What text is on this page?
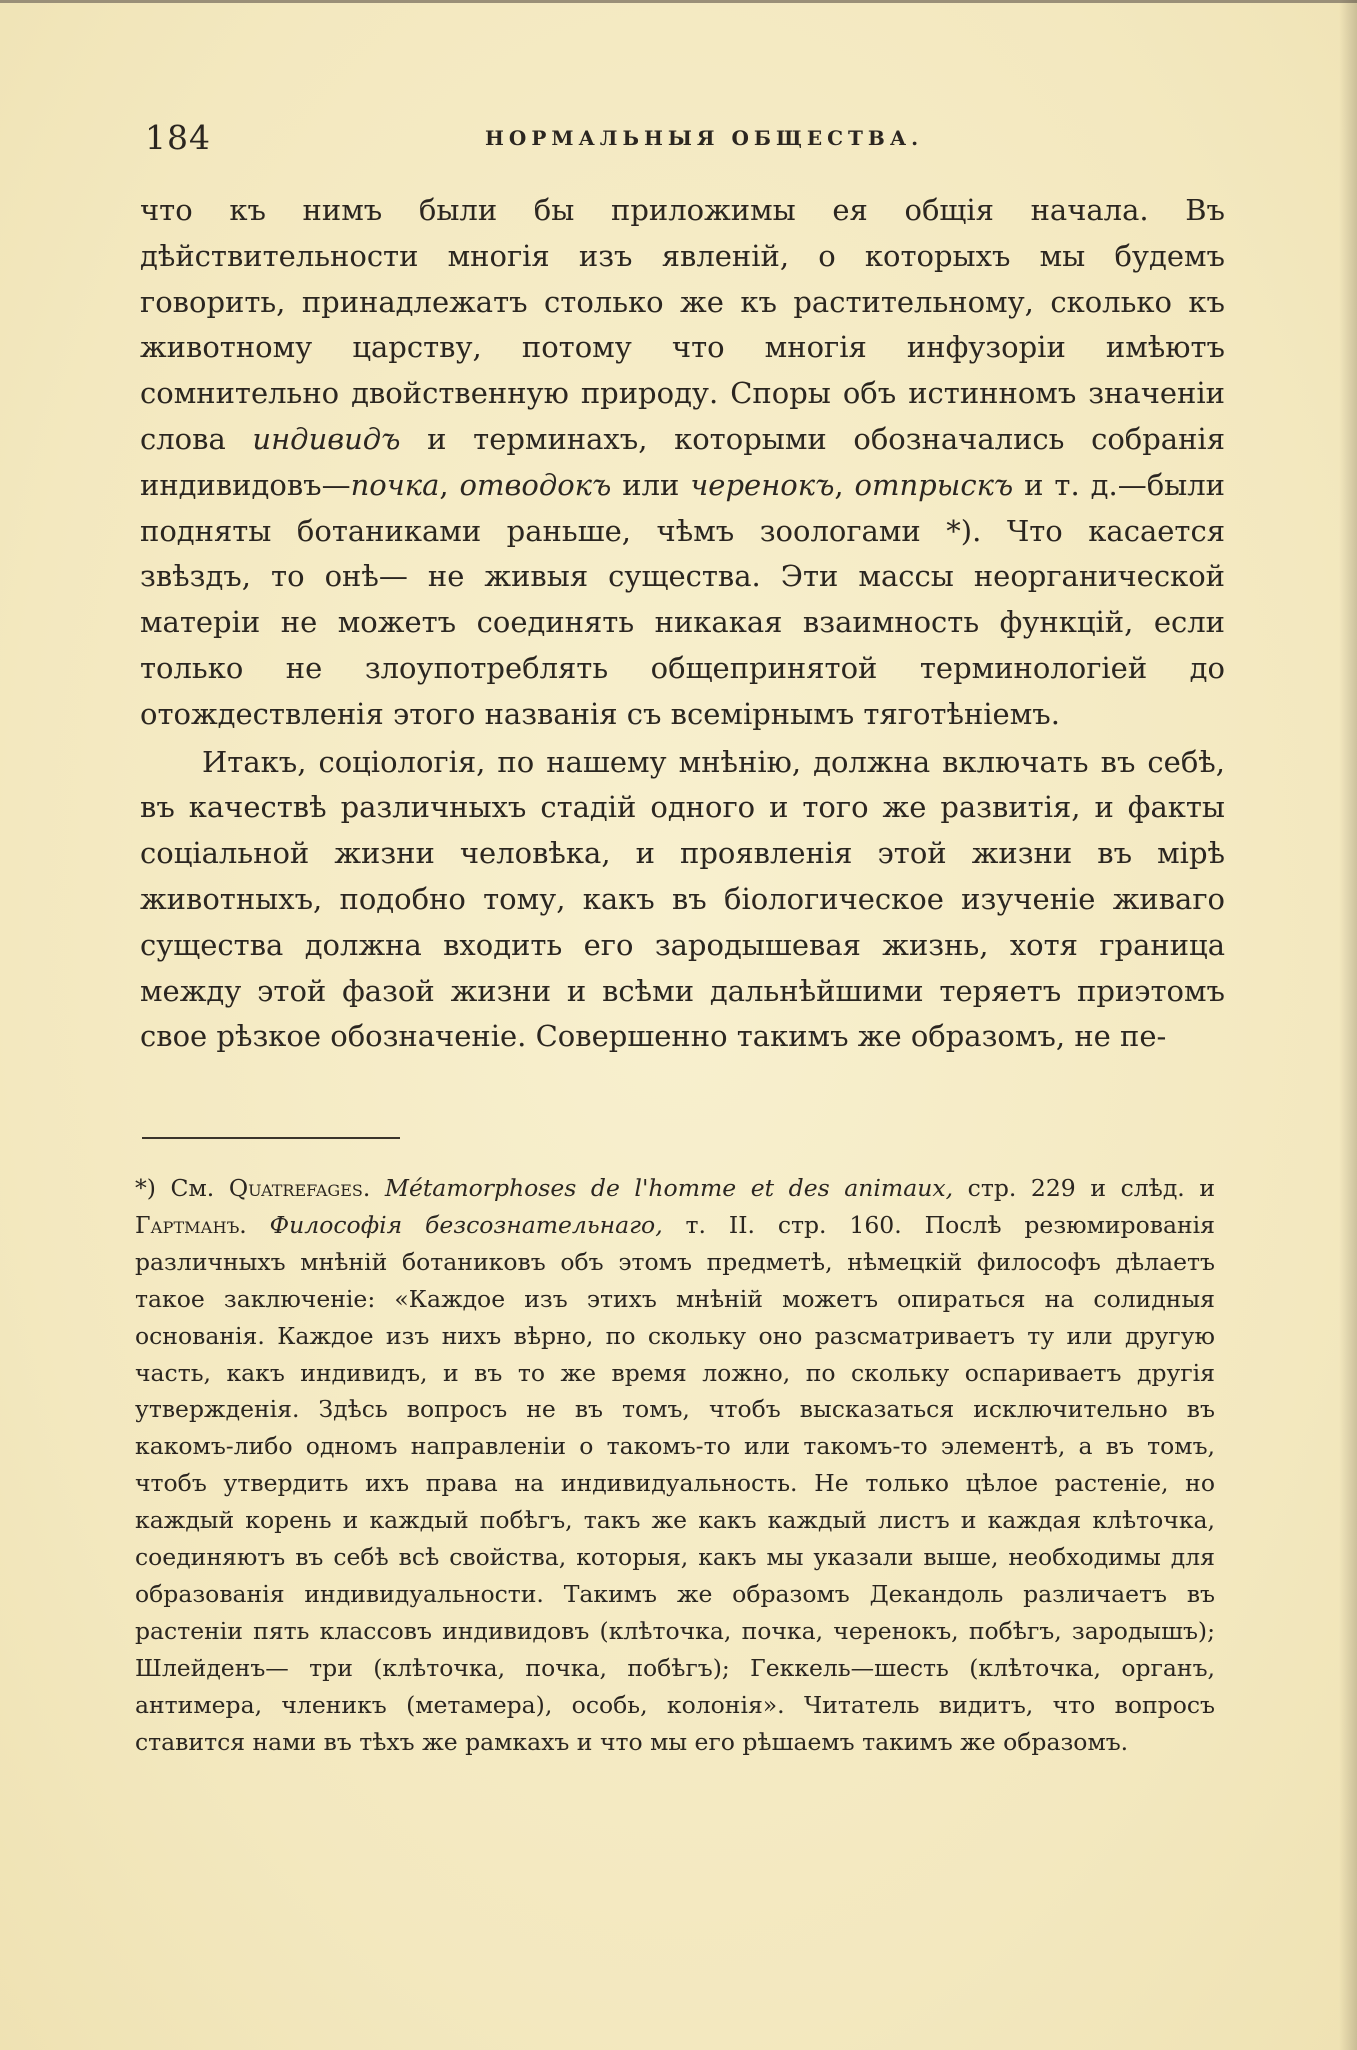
184	НОРМАЛЬНЫЯ ОБЩЕСТВА.

что къ нимъ были бы приложимы ея общія начала. Въ дѣйствительности многія изъ явленій, о которыхъ мы будемъ говорить, принадлежатъ столько же къ растительному, сколько къ животному царству, потому что многія инфузоріи имѣютъ сомнительно двойственную природу. Споры объ истинномъ значеніи слова индивидъ и терминахъ, которыми обозначались собранія индивидовъ—почка, отводокъ или черенокъ, отпрыскъ и т. д.—были подняты ботаниками раньше, чѣмъ зоологами *). Что касается звѣздъ, то онѣ— не живыя существа. Эти массы неорганической матеріи не можетъ соединять никакая взаимность функцій, если только не злоупотреблять общепринятой терминологіей до отождествленія этого названія съ всеміpнымъ тяготѣніемъ.

Итакъ, соціологія, по нашему мнѣнію, должна включать въ себѣ, въ качествѣ различныхъ стадій одного и того же развитія, и факты соціальной жизни человѣка, и проявленія этой жизни въ мірѣ животныхъ, подобно тому, какъ въ біологическое изученіе живаго существа должна входить его зародышевая жизнь, хотя граница между этой фазой жизни и всѣми дальнѣйшими теряетъ приэтомъ свое рѣзкое обозначеніе. Совершенно такимъ же образомъ, не пе-

*) См. Quatrefages. Métamorphoses de l'homme et des animaux, стр. 229 и слѣд. и Гартманъ. Философія безсознательнаго, т. II. стр. 160. Послѣ резюмированія различныхъ мнѣній ботаниковъ объ этомъ предметѣ, нѣмецкій философъ дѣлаетъ такое заключеніе: «Каждое изъ этихъ мнѣній можетъ опираться на солидныя основанія. Каждое изъ нихъ вѣрно, по скольку оно разсматриваетъ ту или другую часть, какъ индивидъ, и въ то же время ложно, по скольку оспариваетъ другія утвержденія. Здѣсь вопросъ не въ томъ, чтобъ высказаться исключительно въ какомъ-либо одномъ направленіи о такомъ-то или такомъ-то элементѣ, а въ томъ, чтобъ утвердить ихъ права на индивидуальность. Не только цѣлое растеніе, но каждый корень и каждый побѣгъ, такъ же какъ каждый листъ и каждая клѣточка, соединяютъ въ себѣ всѣ свойства, которыя, какъ мы указали выше, необходимы для образованія индивидуальности. Такимъ же образомъ Декандоль различаетъ въ растеніи пять классовъ индивидовъ (клѣточка, почка, черенокъ, побѣгъ, зародышъ); Шлейденъ— три (клѣточка, почка, побѣгъ); Геккель—шесть (клѣточка, органъ, антимера, членикъ (метамера), особь, колонія». Читатель видитъ, что вопросъ ставится нами въ тѣхъ же рамкахъ и что мы его рѣшаемъ такимъ же образомъ.
